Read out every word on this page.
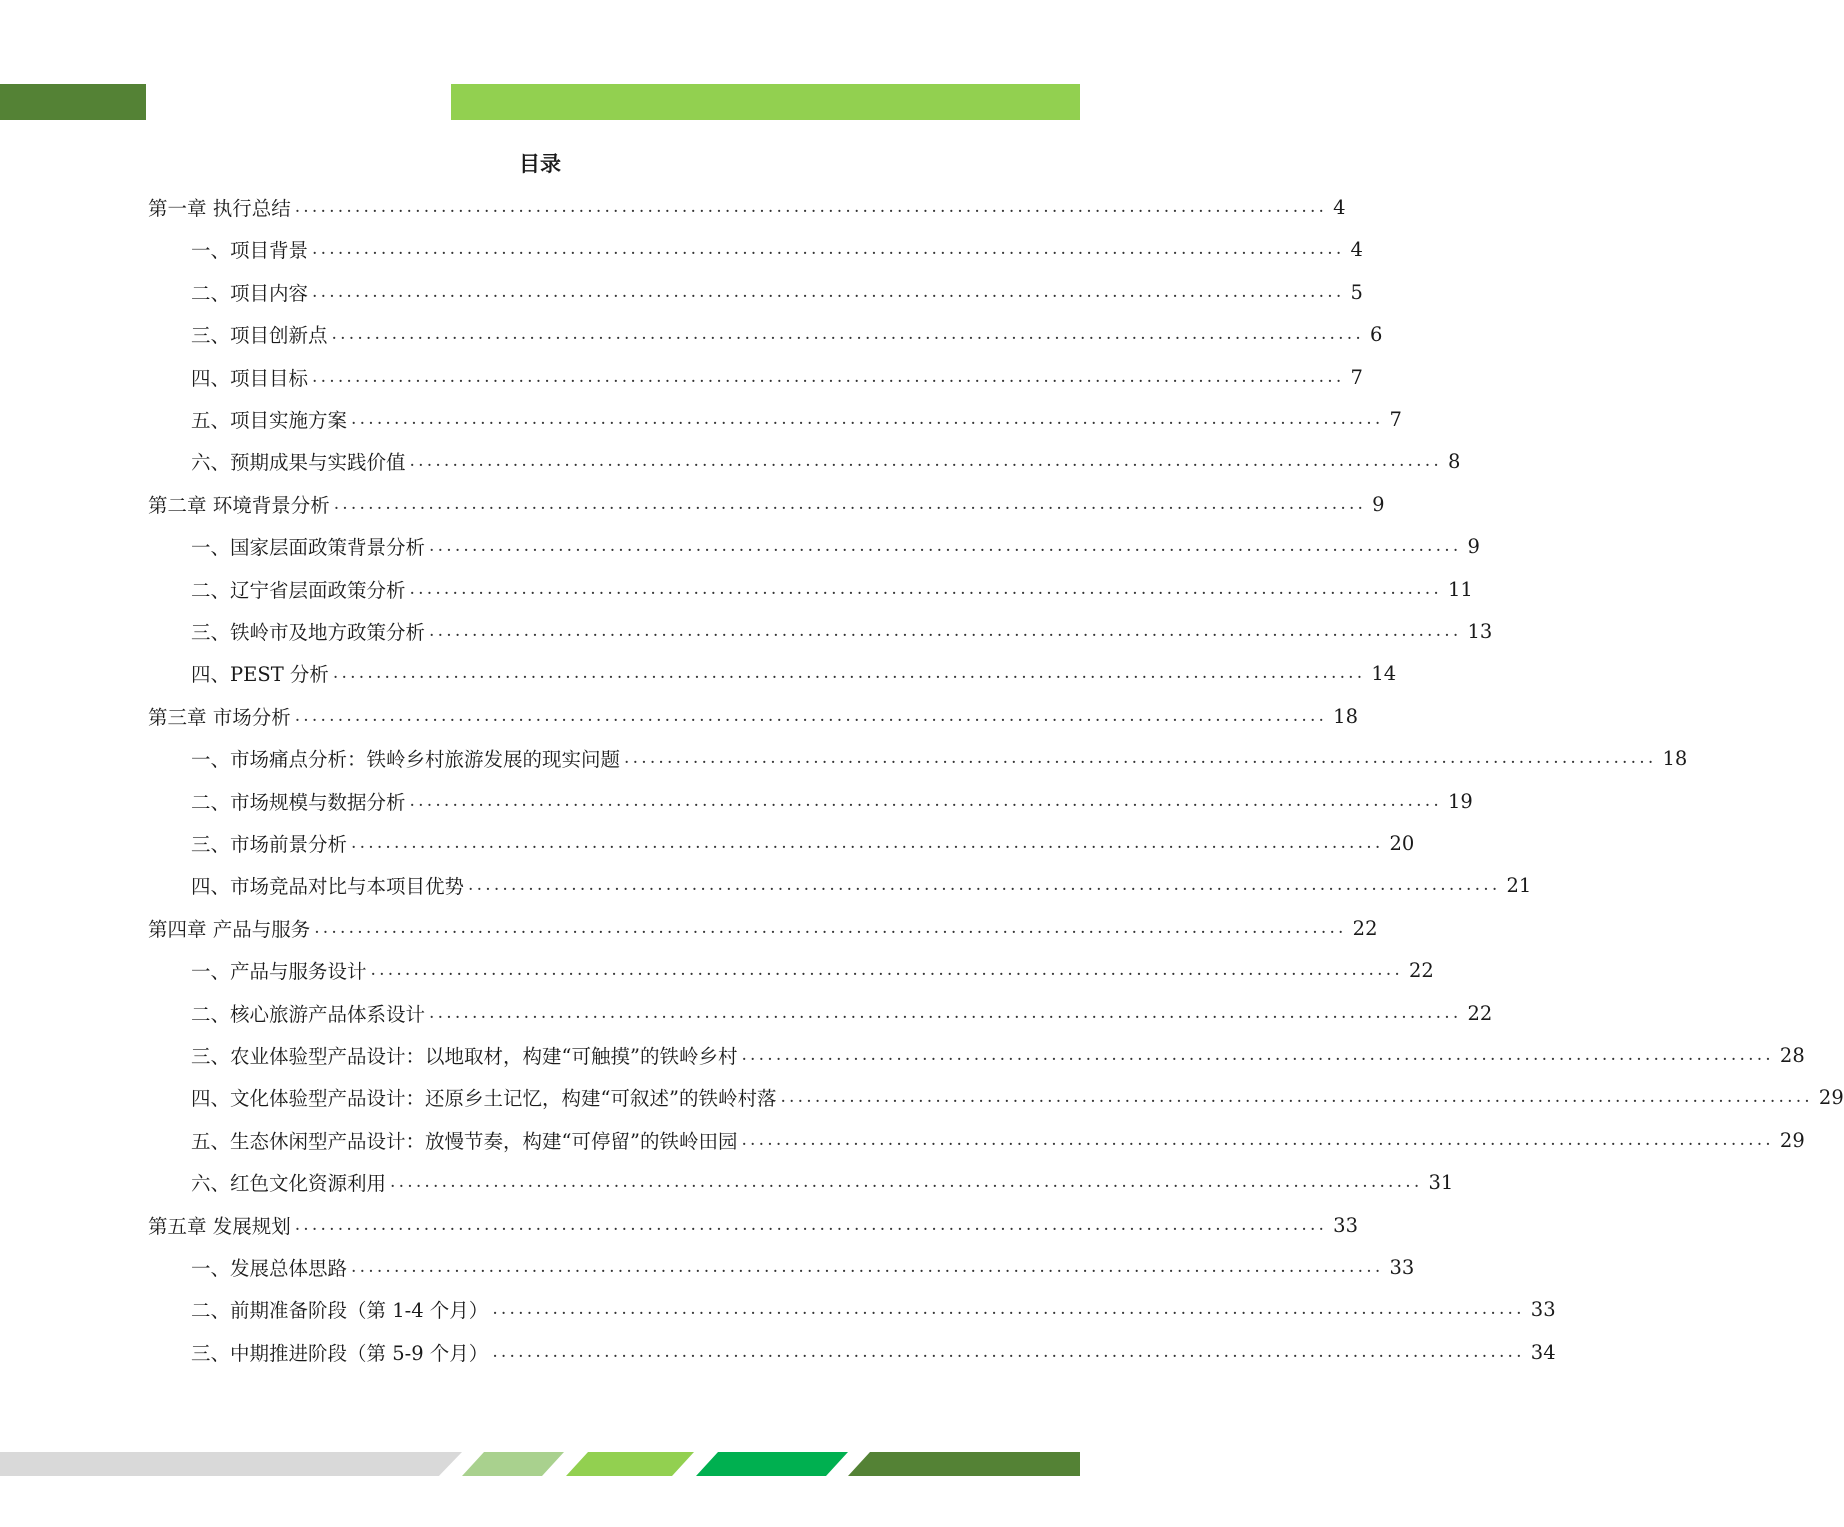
目录
第一章 执行总结 ........................................................................................................................ 4
一、项目背景 ........................................................................................................................ 4
二、项目内容 ........................................................................................................................ 5
三、项目创新点 ........................................................................................................................ 6
四、项目目标 ........................................................................................................................ 7
五、项目实施方案 ........................................................................................................................ 7
六、预期成果与实践价值 ........................................................................................................................ 8
第二章 环境背景分析 ........................................................................................................................ 9
一、国家层面政策背景分析 ........................................................................................................................ 9
二、辽宁省层面政策分析 ........................................................................................................................ 11
三、铁岭市及地方政策分析 ........................................................................................................................ 13
四、PEST 分析 ........................................................................................................................ 14
第三章 市场分析 ........................................................................................................................ 18
一、市场痛点分析：铁岭乡村旅游发展的现实问题 ........................................................................................................................ 18
二、市场规模与数据分析 ........................................................................................................................ 19
三、市场前景分析 ........................................................................................................................ 20
四、市场竞品对比与本项目优势 ........................................................................................................................ 21
第四章 产品与服务 ........................................................................................................................ 22
一、产品与服务设计 ........................................................................................................................ 22
二、核心旅游产品体系设计 ........................................................................................................................ 22
三、农业体验型产品设计：以地取材，构建“可触摸”的铁岭乡村 ........................................................................................................................ 28
四、文化体验型产品设计：还原乡土记忆，构建“可叙述”的铁岭村落 ........................................................................................................................ 29
五、生态休闲型产品设计：放慢节奏，构建“可停留”的铁岭田园 ........................................................................................................................ 29
六、红色文化资源利用 ........................................................................................................................ 31
第五章 发展规划 ........................................................................................................................ 33
一、发展总体思路 ........................................................................................................................ 33
二、前期准备阶段（第 1-4 个月） ........................................................................................................................ 33
三、中期推进阶段（第 5-9 个月） ........................................................................................................................ 34
